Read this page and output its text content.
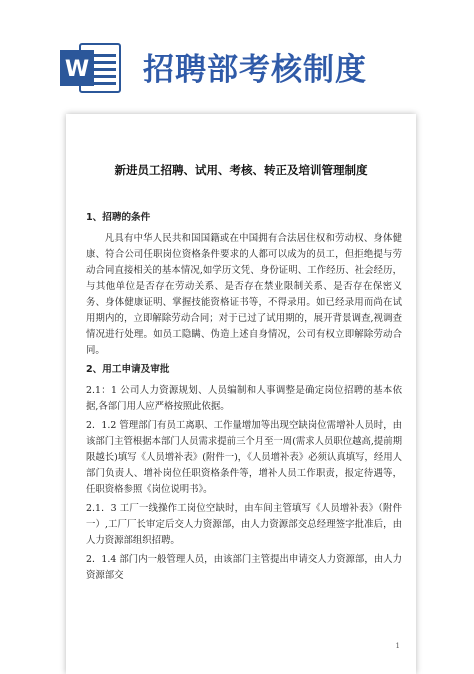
W 招聘部考核制度
新进员工招聘、试用、考核、转正及培训管理制度

1、招聘的条件

凡具有中华人民共和国国籍或在中国拥有合法居住权和劳动权、身体健康、符合公司任职岗位资格条件要求的人都可以成为的员工，但拒绝提与劳动合同直接相关的基本情况,如学历文凭、身份证明、工作经历、社会经历，与其他单位是否存在劳动关系、是否存在禁业限制关系、是否存在保密义务、身体健康证明、掌握技能资格证书等，不得录用。如已经录用而尚在试用期内的，立即解除劳动合同；对于已过了试用期的，展开背景调查,视调查情况进行处理。如员工隐瞒、伪造上述自身情况，公司有权立即解除劳动合同。

2、用工申请及审批

2.1：1 公司人力资源规划、人员编制和人事调整是确定岗位招聘的基本依据,各部门用人应严格按照此依据。

2．1.2 管理部门有员工离职、工作量增加等出现空缺岗位需增补人员时，由该部门主管根据本部门人员需求提前三个月至一周(需求人员职位越高,提前期限越长)填写《人员增补表》(附件一)，《人员增补表》必须认真填写，经用人部门负责人、增补岗位任职资格条件等，增补人员工作职责，报定待遇等，任职资格参照《岗位说明书》。

2.1．3 工厂一线操作工岗位空缺时，由车间主管填写《人员增补表》（附件一）,工厂厂长审定后交人力资源部，由人力资源部交总经理签字批准后，由人力资源部组织招聘。

2．1.4 部门内一般管理人员，由该部门主管提出申请交人力资源部，由人力资源部交

1
